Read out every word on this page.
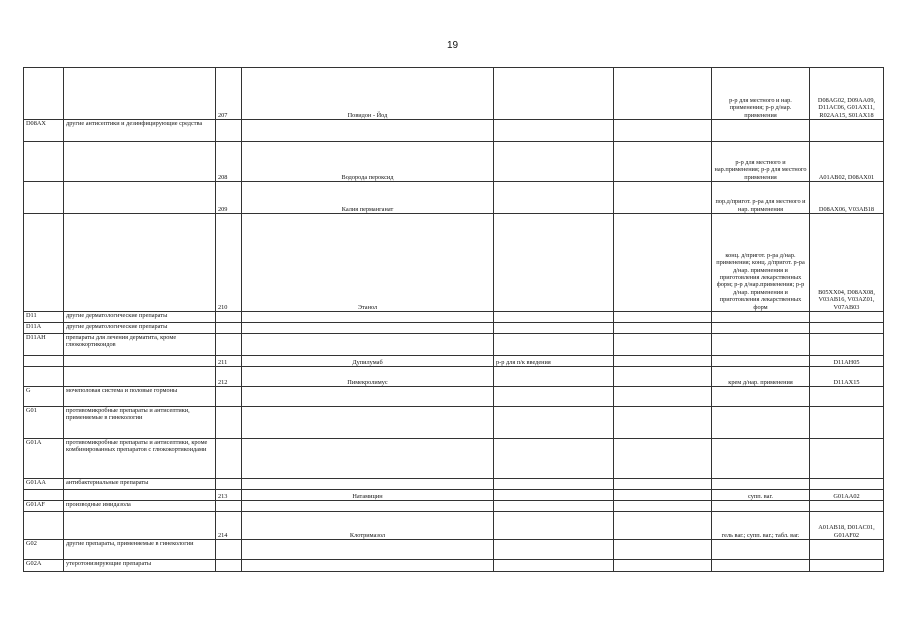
19
		207	Повидон - Йод			р-р для местного и нар. применения; р-р д/нар. применения	D08AG02, D09AA09, D11AC06, G01AX11, R02AA15, S01AX18
D08AX	другие антисептики и дезинфицирующие средства						
		208	Водорода пероксид			р-р для местного и нар.применения; р-р для местного применения	A01AB02, D08AX01
		209	Калия перманганат			пор.д/пригот. р-ра для местного и нар. применения	D08AX06, V03AB18
		210	Этанол			конц. д/пригот. р-ра д/нар. применения; конц. д/пригот. р-ра д/нар. применения и приготовления лекарственных форм; р-р д/нар.применения; р-р д/нар. применения и приготовления лекарственных форм	B05XX04, D08AX08, V03AB16, V03AZ01, V07AB03
D11	другие дерматологические препараты						
D11A	другие дерматологические препараты						
D11AH	препараты для лечения дерматита, кроме глюкокортикоидов						
		211	Дупилумаб	р-р для п/к введения			D11AH05
		212	Пимекролимус			крем д/нар. применения	D11AX15
G	мочеполовая система и половые гормоны						
G01	противомикробные препараты и антисептики, применяемые в гинекологии						
G01A	противомикробные препараты и антисептики, кроме комбинированных препаратов с глюкокортикоидами						
G01AA	антибактериальные препараты						
		213	Натамицин			супп. ваг.	G01AA02
G01AF	производные имидазола						
		214	Клотримазол			гель ваг.; супп. ваг.; табл. ваг.	A01AB18, D01AC01, G01AF02
G02	другие препараты, применяемые в гинекологии						
G02A	утеротонизирующие препараты						
